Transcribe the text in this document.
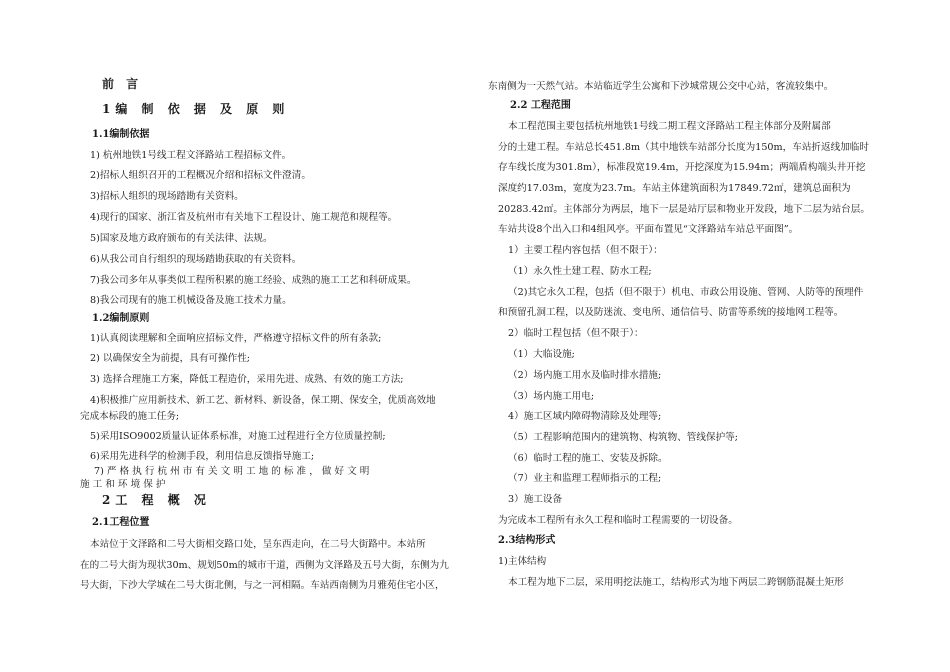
前 言
1编 制 依 据 及 原 则
1.1编制依据
1) 杭州地铁1号线工程文泽路站工程招标文件。
2)招标人组织召开的工程概况介绍和招标文件澄清。
3)招标人组织的现场踏勘有关资料。
4)现行的国家、浙江省及杭州市有关地下工程设计、施工规范和规程等。
5)国家及地方政府颁布的有关法律、法规。
6)从我公司自行组织的现场踏勘获取的有关资料。
7)我公司多年从事类似工程所积累的施工经验、成熟的施工工艺和科研成果。
8)我公司现有的施工机械设备及施工技术力量。
1.2编制原则
1)认真阅读理解和全面响应招标文件，严格遵守招标文件的所有条款;
2) 以确保安全为前提，具有可操作性;
3) 选择合理施工方案，降低工程造价，采用先进、成熟、有效的施工方法;
4)积极推广应用新技术、新工艺、新材料、新设备，保工期、保安全，优质高效地
完成本标段的施工任务;
5)采用ISO9002质量认证体系标准，对施工过程进行全方位质量控制;
6)采用先进科学的检测手段，利用信息反馈指导施工;
7) 严 格 执 行 杭 州 市 有 关 文 明 工 地 的 标 准 ， 做 好 文 明
施 工 和 环 境 保 护
2工 程 概 况
2.1工程位置
本站位于文泽路和二号大街相交路口处，呈东西走向，在二号大街路中。本站所
在的二号大街为现状30m、规划50m的城市干道，西侧为文泽路及五号大街，东侧为九
号大街，下沙大学城在二号大街北侧，与之一河相隔。车站西南侧为月雅苑住宅小区，
东南侧为一天然气站。本站临近学生公寓和下沙城常规公交中心站，客流较集中。
2.2 工程范围
本工程范围主要包括杭州地铁1号线二期工程文泽路站工程主体部分及附属部
分的土建工程。车站总长451.8m（其中地铁车站部分长度为150m，车站折返线加临时
存车线长度为301.8m），标准段宽19.4m，开挖深度为15.94m；两端盾构端头井开挖
深度约17.03m，宽度为23.7m。车站主体建筑面积为17849.72㎡，建筑总面积为
20283.42㎡。主体部分为两层，地下一层是站厅层和物业开发段，地下二层为站台层。
车站共设8个出入口和4组风亭。平面布置见“文泽路站车站总平面图”。
1）主要工程内容包括（但不限于）：
（1）永久性土建工程、防水工程;
（2)其它永久工程，包括（但不限于）机电、市政公用设施、管网、人防等的预埋件
和预留孔洞工程，以及防迷流、变电所、通信信号、防雷等系统的接地网工程等。
2）临时工程包括（但不限于）：
（1）大临设施;
（2）场内施工用水及临时排水措施;
（3）场内施工用电;
4）施工区域内障碍物清除及处理等;
（5）工程影响范围内的建筑物、构筑物、管线保护等;
（6）临时工程的施工、安装及拆除。
（7）业主和监理工程师指示的工程;
3）施工设备
为完成本工程所有永久工程和临时工程需要的一切设备。
2.3结构形式
1)主体结构
本工程为地下二层，采用明挖法施工，结构形式为地下两层二跨钢筋混凝土矩形
